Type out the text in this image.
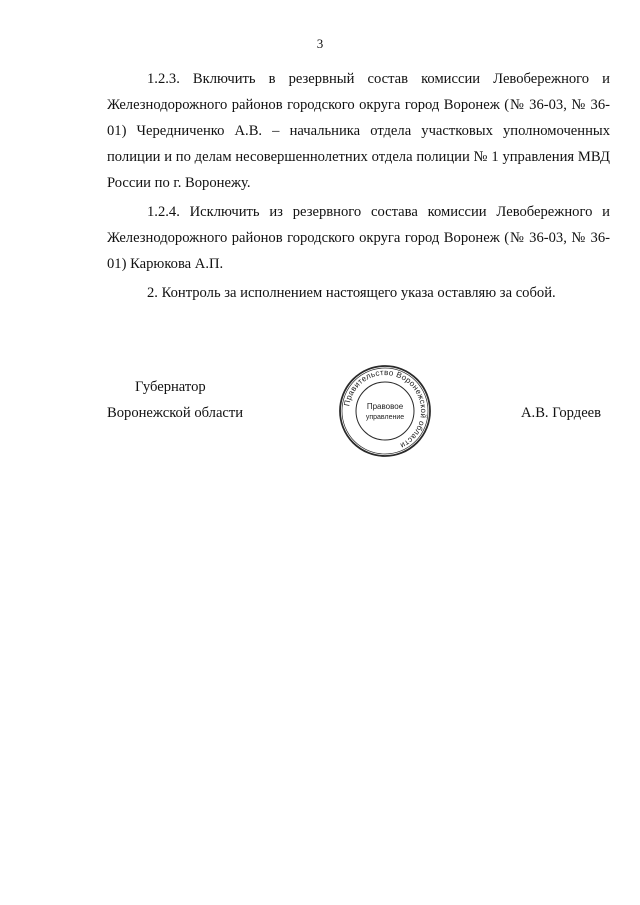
3

1.2.3. Включить в резервный состав комиссии Левобережного и Железнодорожного районов городского округа город Воронеж (№ 36-03, № 36-01) Чередниченко А.В. – начальника отдела участковых уполномоченных полиции и по делам несовершеннолетних отдела полиции № 1 управления МВД России по г. Воронежу.

1.2.4. Исключить из резервного состава комиссии Левобережного и Железнодорожного районов городского округа город Воронеж (№ 36-03, № 36-01) Карюкова А.П.

2. Контроль за исполнением настоящего указа оставляю за собой.

Губернатор
Воронежской области
Правительство Воронежской области
Правовое
управление	А.В. Гордеев
